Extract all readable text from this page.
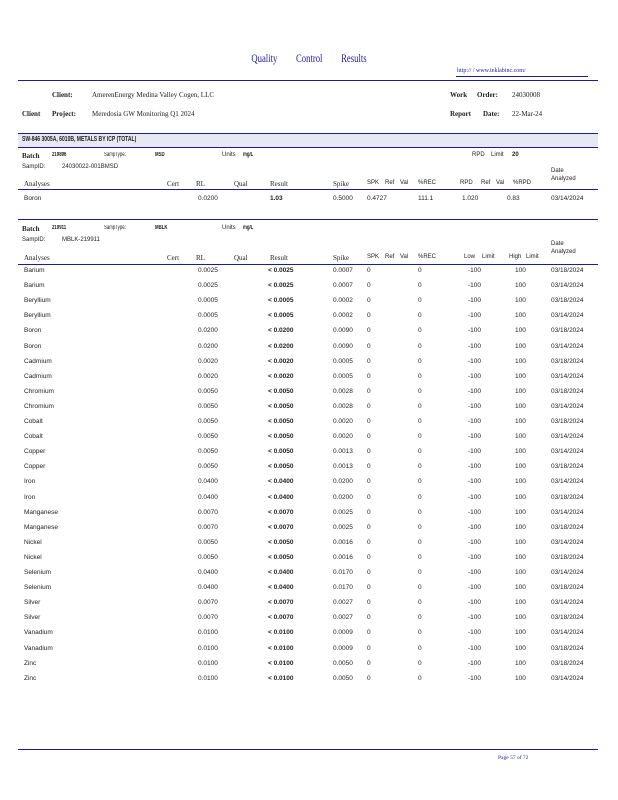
Quality Control Results
http:// / www.teklabinc.com/
Client:	AmerenEnergy Medina Valley Cogen, LLC
Client Project: Meredosia GW Monitoring Q1 2024
Work Order: 24030008
Report Date: 22-Mar-24
SW-846 3005A, 6010B, METALS BY ICP (TOTAL)
Batch 219896	SampType:	MSD	Units mg/L	RPD Limit 20
SampID:	24030022-001BMSD
Analyses	Cert RL	Qual	Result	Spike	SPK Ref Val %REC	RPD Ref Val %RPD
Date
Analyzed
Boron	0.0200	1.03	0.5000 0.4727	111.1	1.020	0.83	03/14/2024
Batch 219911	SampType:	MBLK	Units mg/L
SampID:	MBLK-219911
Analyses	Cert RL	Qual	Result	Spike	SPK Ref Val %REC	Low Limit High Limit
Date
Analyzed
Barium	0.0025	< 0.0025	0.0007 0	0	-100	100	03/18/2024
Barium	0.0025	< 0.0025	0.0007 0	0	-100	100	03/14/2024
Beryllium	0.0005	< 0.0005	0.0002 0	0	-100	100	03/18/2024
Beryllium	0.0005	< 0.0005	0.0002 0	0	-100	100	03/14/2024
Boron	0.0200	< 0.0200	0.0090 0	0	-100	100	03/18/2024
Boron	0.0200	< 0.0200	0.0090 0	0	-100	100	03/14/2024
Cadmium	0.0020	< 0.0020	0.0005 0	0	-100	100	03/18/2024
Cadmium	0.0020	< 0.0020	0.0005 0	0	-100	100	03/14/2024
Chromium	0.0050	< 0.0050	0.0028 0	0	-100	100	03/18/2024
Chromium	0.0050	< 0.0050	0.0028 0	0	-100	100	03/14/2024
Cobalt	0.0050	< 0.0050	0.0020 0	0	-100	100	03/18/2024
Cobalt	0.0050	< 0.0050	0.0020 0	0	-100	100	03/14/2024
Copper	0.0050	< 0.0050	0.0013 0	0	-100	100	03/14/2024
Copper	0.0050	< 0.0050	0.0013 0	0	-100	100	03/18/2024
Iron	0.0400	< 0.0400	0.0200 0	0	-100	100	03/14/2024
Iron	0.0400	< 0.0400	0.0200 0	0	-100	100	03/18/2024
Manganese	0.0070	< 0.0070	0.0025 0	0	-100	100	03/14/2024
Manganese	0.0070	< 0.0070	0.0025 0	0	-100	100	03/18/2024
Nickel	0.0050	< 0.0050	0.0016 0	0	-100	100	03/14/2024
Nickel	0.0050	< 0.0050	0.0016 0	0	-100	100	03/18/2024
Selenium	0.0400	< 0.0400	0.0170 0	0	-100	100	03/14/2024
Selenium	0.0400	< 0.0400	0.0170 0	0	-100	100	03/18/2024
Silver	0.0070	< 0.0070	0.0027 0	0	-100	100	03/14/2024
Silver	0.0070	< 0.0070	0.0027 0	0	-100	100	03/18/2024
Vanadium	0.0100	< 0.0100	0.0009 0	0	-100	100	03/14/2024
Vanadium	0.0100	< 0.0100	0.0009 0	0	-100	100	03/18/2024
Zinc	0.0100	< 0.0100	0.0050 0	0	-100	100	03/18/2024
Zinc	0.0100	< 0.0100	0.0050 0	0	-100	100	03/14/2024
Page 57 of 72
